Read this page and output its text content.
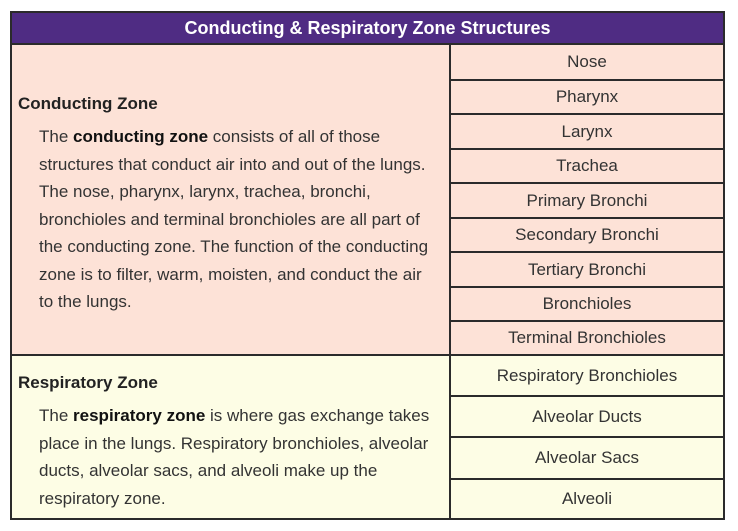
Conducting & Respiratory Zone Structures
Conducting Zone
The conducting zone consists of all of those structures that conduct air into and out of the lungs. The nose, pharynx, larynx, trachea, bronchi, bronchioles and terminal bronchioles are all part of the conducting zone. The function of the conducting zone is to filter, warm, moisten, and conduct the air to the lungs.
Nose
Pharynx
Larynx
Trachea
Primary Bronchi
Secondary Bronchi
Tertiary Bronchi
Bronchioles
Terminal Bronchioles
Respiratory Zone
The respiratory zone is where gas exchange takes place in the lungs. Respiratory bronchioles, alveolar ducts, alveolar sacs, and alveoli make up the respiratory zone.
Respiratory Bronchioles
Alveolar Ducts
Alveolar Sacs
Alveoli
